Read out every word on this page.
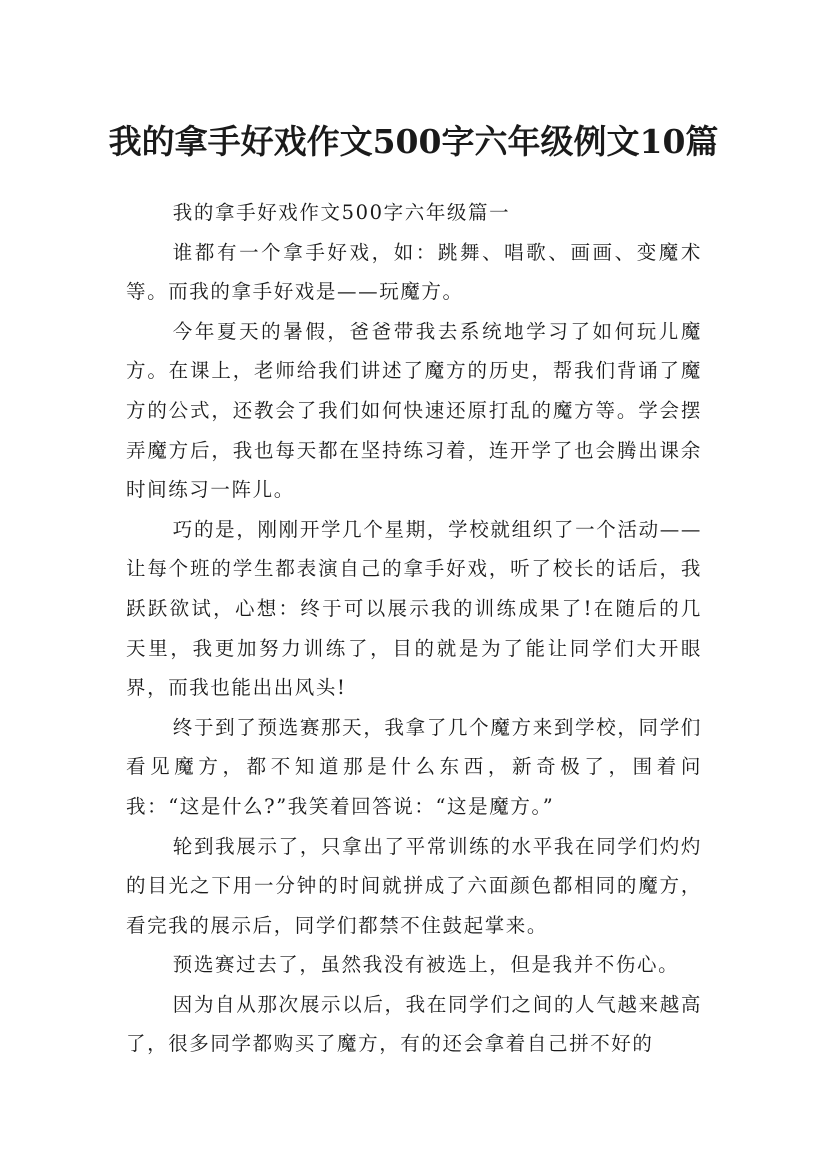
我的拿手好戏作文500字六年级例文10篇

我的拿手好戏作文500字六年级篇一

谁都有一个拿手好戏，如：跳舞、唱歌、画画、变魔术等。而我的拿手好戏是——玩魔方。

今年夏天的暑假，爸爸带我去系统地学习了如何玩儿魔方。在课上，老师给我们讲述了魔方的历史，帮我们背诵了魔方的公式，还教会了我们如何快速还原打乱的魔方等。学会摆弄魔方后，我也每天都在坚持练习着，连开学了也会腾出课余时间练习一阵儿。

巧的是，刚刚开学几个星期，学校就组织了一个活动——让每个班的学生都表演自己的拿手好戏，听了校长的话后，我跃跃欲试，心想：终于可以展示我的训练成果了!在随后的几天里，我更加努力训练了，目的就是为了能让同学们大开眼界，而我也能出出风头!

终于到了预选赛那天，我拿了几个魔方来到学校，同学们看见魔方，都不知道那是什么东西，新奇极了，围着问我：“这是什么?”我笑着回答说：“这是魔方。”

轮到我展示了，只拿出了平常训练的水平我在同学们灼灼的目光之下用一分钟的时间就拼成了六面颜色都相同的魔方，看完我的展示后，同学们都禁不住鼓起掌来。

预选赛过去了，虽然我没有被选上，但是我并不伤心。

因为自从那次展示以后，我在同学们之间的人气越来越高了，很多同学都购买了魔方，有的还会拿着自己拼不好的
